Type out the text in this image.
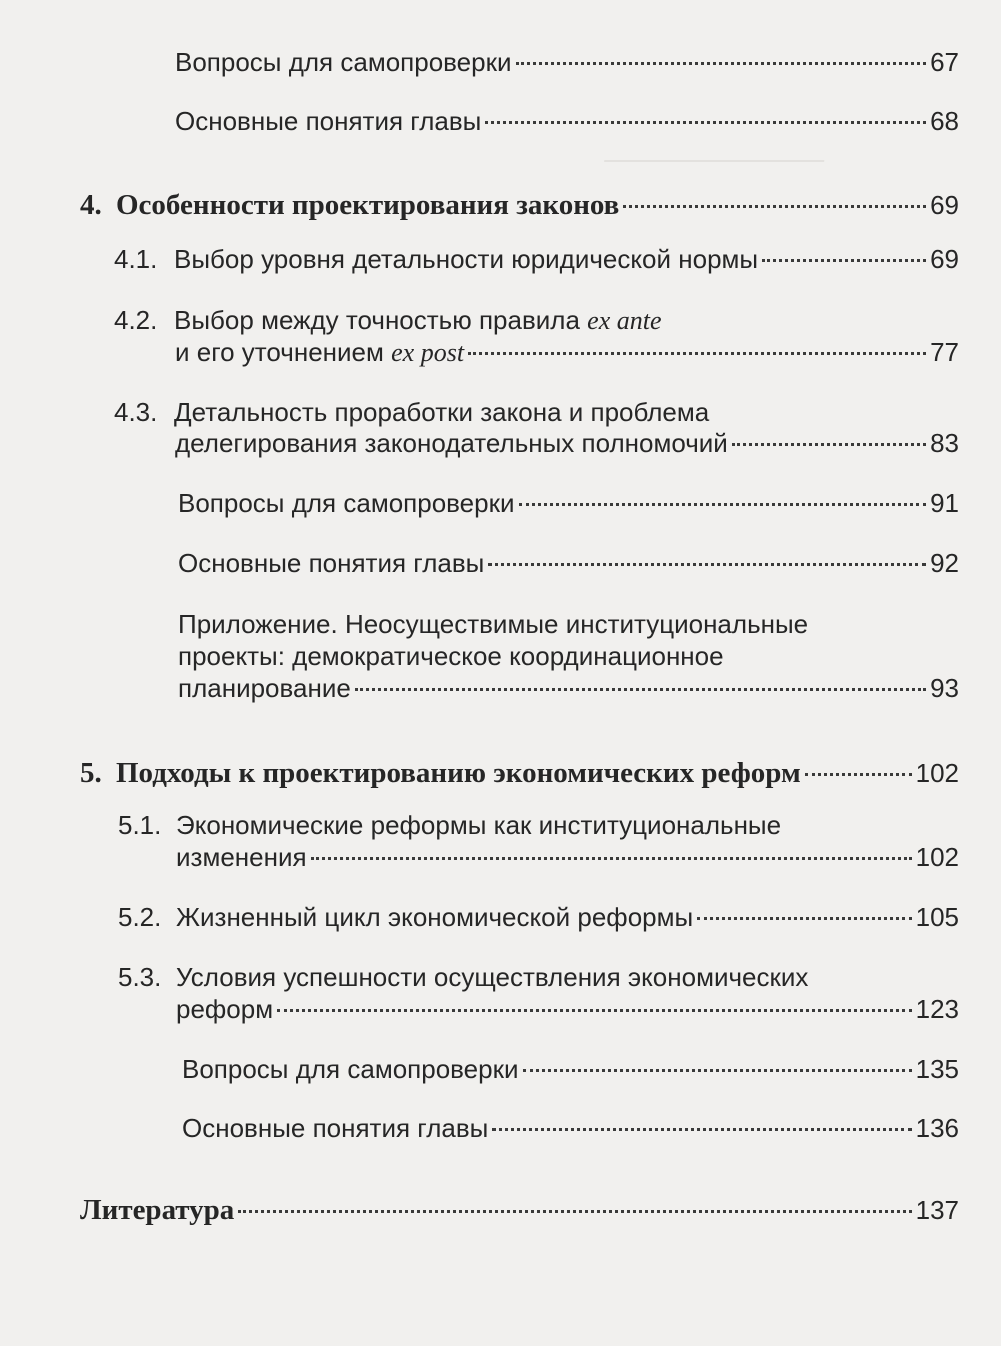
Вопросы для самопроверки	67
Основные понятия главы	68
4. Особенности проектирования законов	69
4.1. Выбор уровня детальности юридической нормы	69
4.2. Выбор между точностью правила
ex ante
и его уточнением
ex post	77
4.3. Детальность проработки закона и проблема
делегирования законодательных полномочий	83
Вопросы для самопроверки	91
Основные понятия главы	92
Приложение. Неосуществимые институциональные
проекты: демократическое координационное
планирование	93
5. Подходы к проектированию экономических реформ	102
5.1. Экономические реформы как институциональные
изменения	102
5.2. Жизненный цикл экономической реформы	105
5.3. Условия успешности осуществления экономических
реформ	123
Вопросы для самопроверки	135
Основные понятия главы	136
Литература	137
